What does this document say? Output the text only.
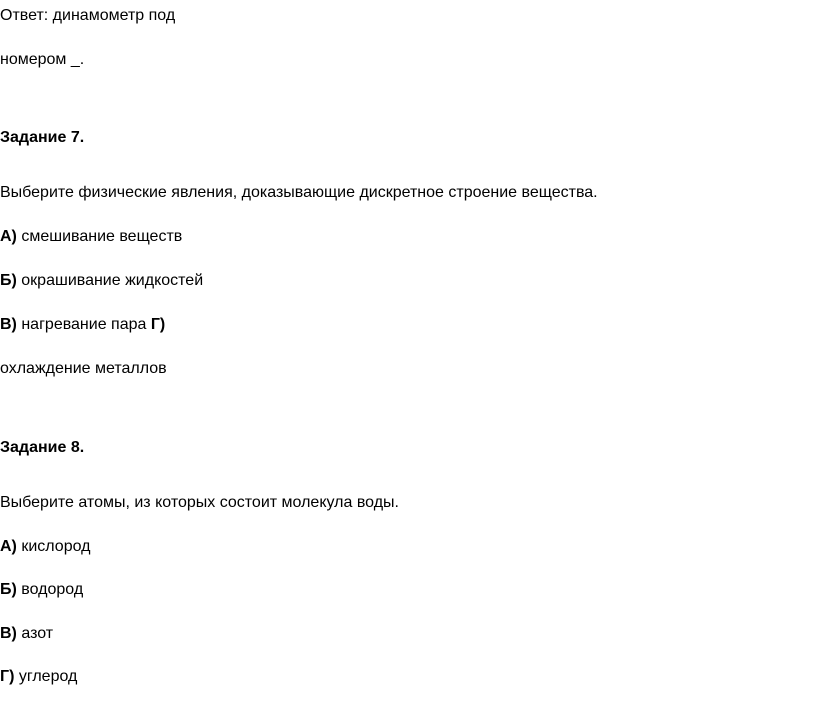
Ответ: динамометр под
номером _.
Задание 7.
Выберите физические явления, доказывающие дискретное строение вещества.
А) смешивание веществ
Б) окрашивание жидкостей
В) нагревание пара Г)
охлаждение металлов
Задание 8.
Выберите атомы, из которых состоит молекула воды.
А) кислород
Б) водород
В) азот
Г) углерод
